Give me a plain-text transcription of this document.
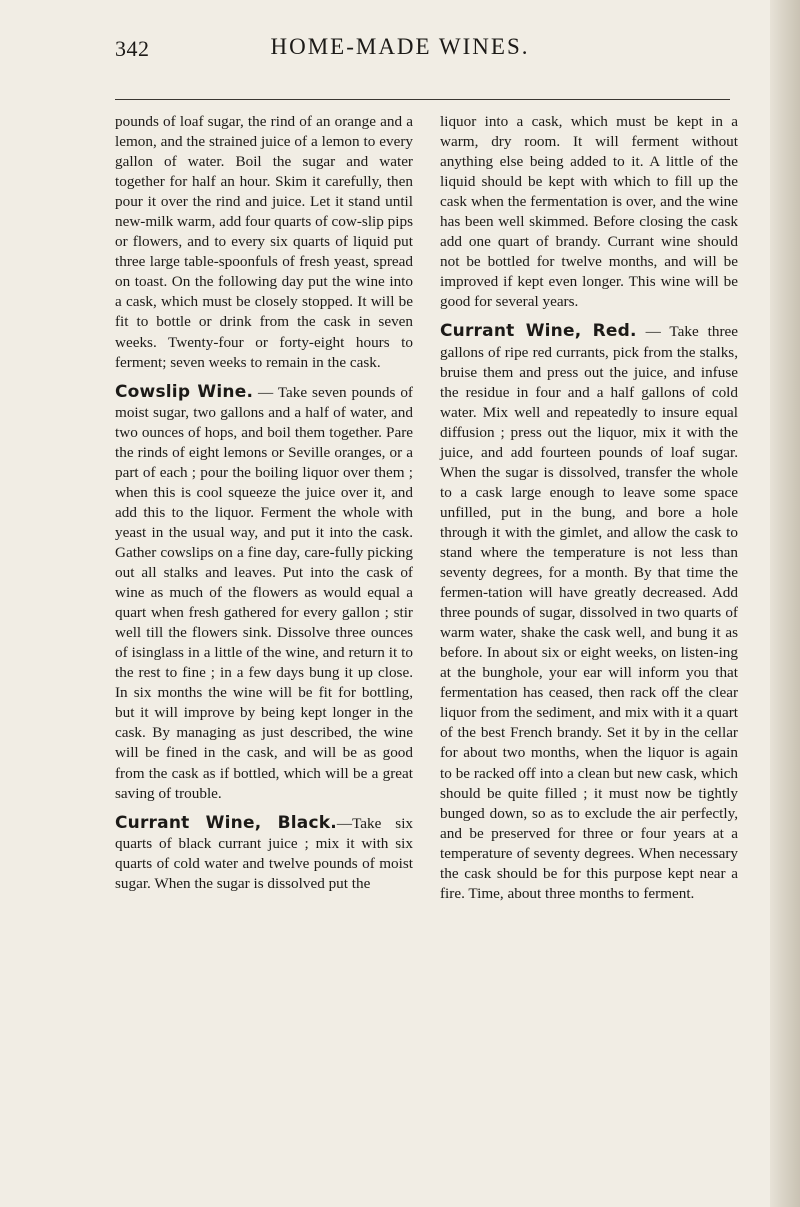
342	HOME-MADE WINES.

pounds of loaf sugar, the rind of an orange and a lemon, and the strained juice of a lemon to every gallon of water. Boil the sugar and water together for half an hour. Skim it carefully, then pour it over the rind and juice. Let it stand until new-milk warm, add four quarts of cow-slip pips or flowers, and to every six quarts of liquid put three large table-spoonfuls of fresh yeast, spread on toast. On the following day put the wine into a cask, which must be closely stopped. It will be fit to bottle or drink from the cask in seven weeks. Twenty-four or forty-eight hours to ferment; seven weeks to remain in the cask.

Cowslip Wine. — Take seven pounds of moist sugar, two gallons and a half of water, and two ounces of hops, and boil them together. Pare the rinds of eight lemons or Seville oranges, or a part of each ; pour the boiling liquor over them ; when this is cool squeeze the juice over it, and add this to the liquor. Ferment the whole with yeast in the usual way, and put it into the cask. Gather cowslips on a fine day, care-fully picking out all stalks and leaves. Put into the cask of wine as much of the flowers as would equal a quart when fresh gathered for every gallon ; stir well till the flowers sink. Dissolve three ounces of isinglass in a little of the wine, and return it to the rest to fine ; in a few days bung it up close. In six months the wine will be fit for bottling, but it will improve by being kept longer in the cask. By managing as just described, the wine will be fined in the cask, and will be as good from the cask as if bottled, which will be a great saving of trouble.

Currant Wine, Black.—Take six quarts of black currant juice ; mix it with six quarts of cold water and twelve pounds of moist sugar. When the sugar is dissolved put the

liquor into a cask, which must be kept in a warm, dry room. It will ferment without anything else being added to it. A little of the liquid should be kept with which to fill up the cask when the fermentation is over, and the wine has been well skimmed. Before closing the cask add one quart of brandy. Currant wine should not be bottled for twelve months, and will be improved if kept even longer. This wine will be good for several years.

Currant Wine, Red. — Take three gallons of ripe red currants, pick from the stalks, bruise them and press out the juice, and infuse the residue in four and a half gallons of cold water. Mix well and repeatedly to insure equal diffusion ; press out the liquor, mix it with the juice, and add fourteen pounds of loaf sugar. When the sugar is dissolved, transfer the whole to a cask large enough to leave some space unfilled, put in the bung, and bore a hole through it with the gimlet, and allow the cask to stand where the temperature is not less than seventy degrees, for a month. By that time the fermen-tation will have greatly decreased. Add three pounds of sugar, dissolved in two quarts of warm water, shake the cask well, and bung it as before. In about six or eight weeks, on listen-ing at the bunghole, your ear will inform you that fermentation has ceased, then rack off the clear liquor from the sediment, and mix with it a quart of the best French brandy. Set it by in the cellar for about two months, when the liquor is again to be racked off into a clean but new cask, which should be quite filled ; it must now be tightly bunged down, so as to exclude the air perfectly, and be preserved for three or four years at a temperature of seventy degrees. When necessary the cask should be for this purpose kept near a fire. Time, about three months to ferment.
